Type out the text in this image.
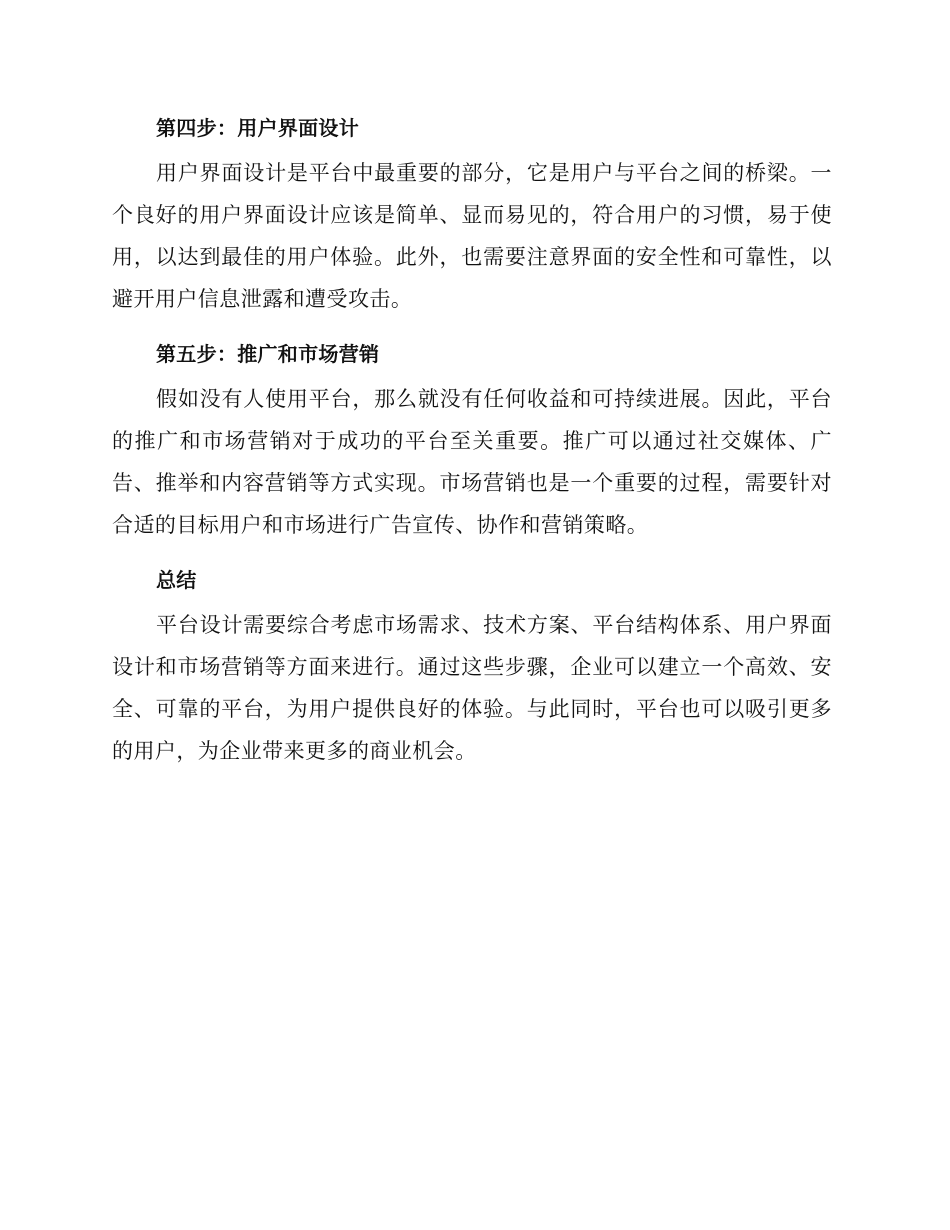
第四步：用户界面设计

用户界面设计是平台中最重要的部分，它是用户与平台之间的桥梁。一个良好的用户界面设计应该是简单、显而易见的，符合用户的习惯，易于使用，以达到最佳的用户体验。此外，也需要注意界面的安全性和可靠性，以避开用户信息泄露和遭受攻击。

第五步：推广和市场营销

假如没有人使用平台，那么就没有任何收益和可持续进展。因此，平台的推广和市场营销对于成功的平台至关重要。推广可以通过社交媒体、广告、推举和内容营销等方式实现。市场营销也是一个重要的过程，需要针对合适的目标用户和市场进行广告宣传、协作和营销策略。

总结

平台设计需要综合考虑市场需求、技术方案、平台结构体系、用户界面设计和市场营销等方面来进行。通过这些步骤，企业可以建立一个高效、安全、可靠的平台，为用户提供良好的体验。与此同时，平台也可以吸引更多的用户，为企业带来更多的商业机会。
